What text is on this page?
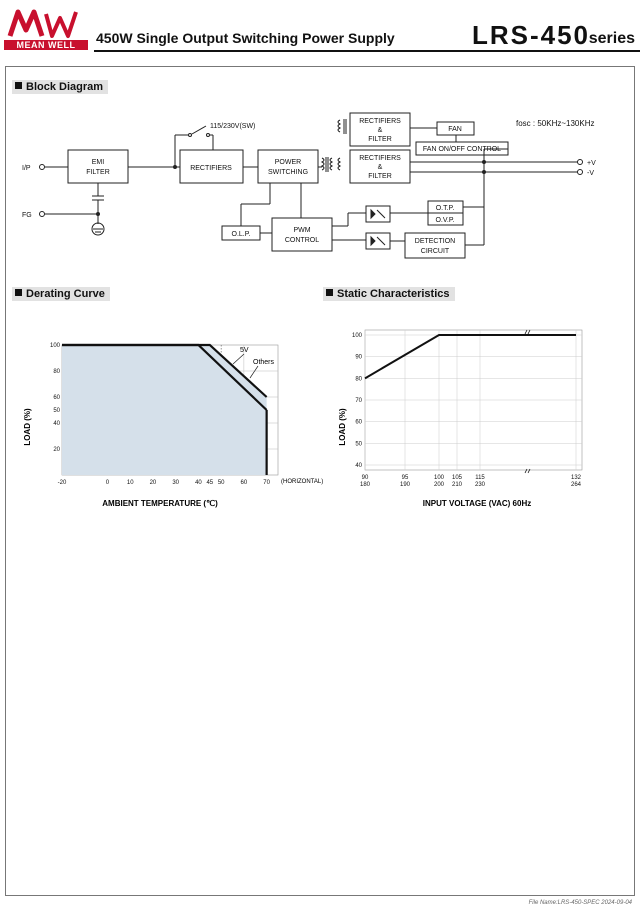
MEAN WELL	450W Single Output Switching Power Supply	LRS-450
series
Block Diagram
EMI
FILTER
RECTIFIERS
POWER
SWITCHING
RECTIFIERS
&
FILTER
FAN
FAN ON/OFF CONTROL
RECTIFIERS
&
FILTER
O.L.P.
PWM
CONTROL
O.T.P.
O.V.P.
DETECTION
CIRCUIT
115/230V(SW)	fosc : 50KHz~130KHz
I/P
FG
+V
-V
Derating Curve
-20	0	10	20	30	40 45 50	60	70
20
40
50
60
80
100
5V
Others
(HORIZONTAL)
AMBIENT TEMPERATURE (℃)
LOAD (%)
Static Characteristics
90
180
95
190
100
200
105
210
115
230
132
264
40
50
60
70
80
90
100
INPUT VOLTAGE (VAC) 60Hz
LOAD (%)
File Name:LRS-450-SPEC 2024-09-04
